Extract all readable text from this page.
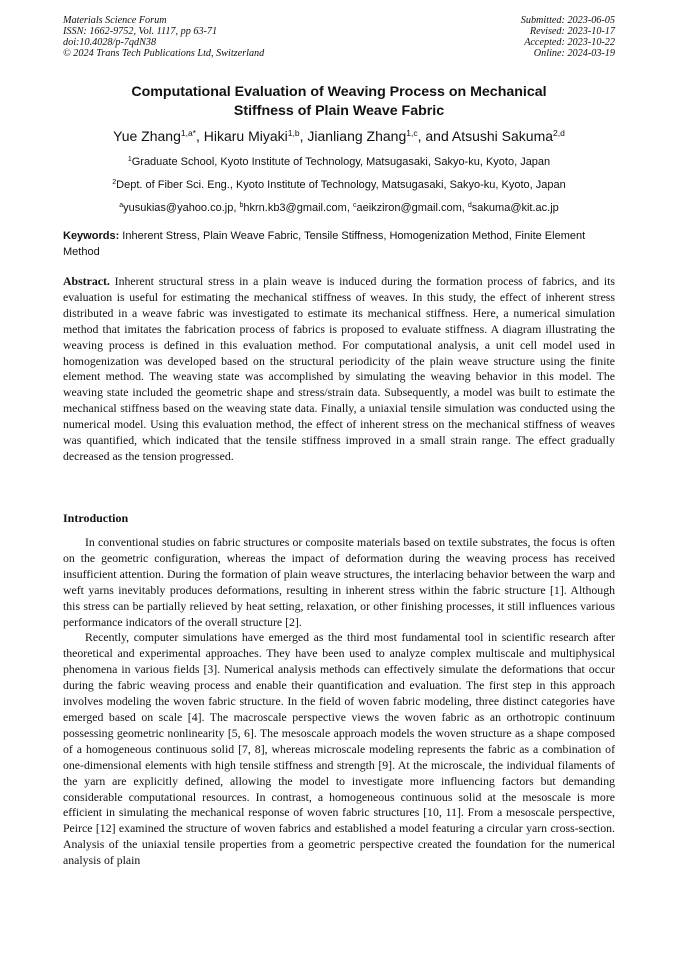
Materials Science Forum
ISSN: 1662-9752, Vol. 1117, pp 63-71
doi:10.4028/p-7qdN38
© 2024 Trans Tech Publications Ltd, Switzerland
Submitted: 2023-06-05
Revised: 2023-10-17
Accepted: 2023-10-22
Online: 2024-03-19
Computational Evaluation of Weaving Process on Mechanical
Stiffness of Plain Weave Fabric
Yue Zhang$^{1,a*}$, Hikaru Miyaki$^{1,b}$, Jianliang Zhang$^{1,c}$, and Atsushi Sakuma$^{2,d}$
$^1$Graduate School, Kyoto Institute of Technology, Matsugasaki, Sakyo-ku, Kyoto, Japan
$^2$Dept. of Fiber Sci. Eng., Kyoto Institute of Technology, Matsugasaki, Sakyo-ku, Kyoto, Japan
$^a$yusukias@yahoo.co.jp, $^b$hkrn.kb3@gmail.com, $^c$aeikziron@gmail.com, $^d$sakuma@kit.ac.jp
Keywords: Inherent Stress, Plain Weave Fabric, Tensile Stiffness, Homogenization Method, Finite Element Method
Abstract. Inherent structural stress in a plain weave is induced during the formation process of fabrics, and its evaluation is useful for estimating the mechanical stiffness of weaves. In this study, the effect of inherent stress distributed in a weave fabric was investigated to estimate its mechanical stiffness. Here, a numerical simulation method that imitates the fabrication process of fabrics is proposed to evaluate stiffness. A diagram illustrating the weaving process is defined in this evaluation method. For computational analysis, a unit cell model used in homogenization was developed based on the structural periodicity of the plain weave structure using the finite element method. The weaving state was accomplished by simulating the weaving behavior in this model. The weaving state included the geometric shape and stress/strain data. Subsequently, a model was built to estimate the mechanical stiffness based on the weaving state data. Finally, a uniaxial tensile simulation was conducted using the numerical model. Using this evaluation method, the effect of inherent stress on the mechanical stiffness of weaves was quantified, which indicated that the tensile stiffness improved in a small strain range. The effect gradually decreased as the tension progressed.
Introduction

In conventional studies on fabric structures or composite materials based on textile substrates, the focus is often on the geometric configuration, whereas the impact of deformation during the weaving process has received insufficient attention. During the formation of plain weave structures, the interlacing behavior between the warp and weft yarns inevitably produces deformations, resulting in inherent stress within the fabric structure [1]. Although this stress can be partially relieved by heat setting, relaxation, or other finishing processes, it still influences various performance indicators of the overall structure [2].

Recently, computer simulations have emerged as the third most fundamental tool in scientific research after theoretical and experimental approaches. They have been used to analyze complex multiscale and multiphysical phenomena in various fields [3]. Numerical analysis methods can effectively simulate the deformations that occur during the fabric weaving process and enable their quantification and evaluation. The first step in this approach involves modeling the woven fabric structure. In the field of woven fabric modeling, three distinct categories have emerged based on scale [4]. The macroscale perspective views the woven fabric as an orthotropic continuum possessing geometric nonlinearity [5, 6]. The mesoscale approach models the woven structure as a shape composed of a homogeneous continuous solid [7, 8], whereas microscale modeling represents the fabric as a combination of one-dimensional elements with high tensile stiffness and strength [9]. At the microscale, the individual filaments of the yarn are explicitly defined, allowing the model to investigate more influencing factors but demanding considerable computational resources. In contrast, a homogeneous continuous solid at the mesoscale is more efficient in simulating the mechanical response of woven fabric structures [10, 11]. From a mesoscale perspective, Peirce [12] examined the structure of woven fabrics and established a model featuring a circular yarn cross-section. Analysis of the uniaxial tensile properties from a geometric perspective created the foundation for the numerical analysis of plain
